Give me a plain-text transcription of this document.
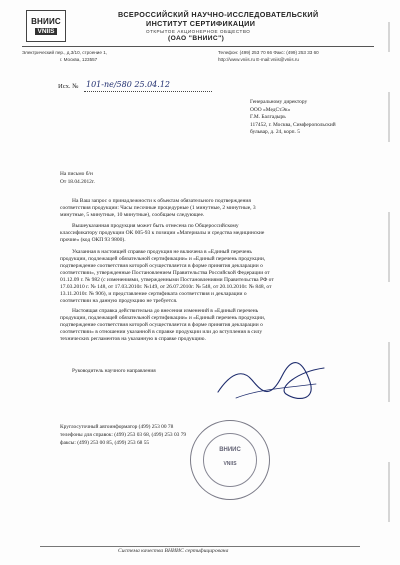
ВНИИС
VNIIS
ВСЕРОССИЙСКИЙ НАУЧНО-ИССЛЕДОВАТЕЛЬСКИЙ
ИНСТИТУТ СЕРТИФИКАЦИИ
ОТКРЫТОЕ АКЦИОНЕРНОЕ ОБЩЕСТВО
(ОАО "ВНИИС")
Электрический пер., д.3/10, строение 1,
г. Москва, 123557
Телефон: (499) 253 70 66 Факс: (499) 253 33 60
http://www.vniis.ru E-mail:vniis@vniis.ru
Исх. № 101-пе/580 25.04.12
Генеральному директору
ООО «МедСтЭк»
Г.М. Балгадырь
117452, г. Москва, Симферопольский
бульвар, д. 24, корп. 5
На письмо б/н
От 18.04.2012г.
На Ваш запрос о принадлежности к объектам обязательного подтверждения
соответствия продукции: Часы песочные процедурные (1 минутные, 2 минутные, 3
минутные, 5 минутные, 10 минутные), сообщаем следующее.
Вышеуказанная продукция может быть отнесена по Общероссийскому
классификатору продукции ОК 005-93 к позиции «Материалы и средства медицинские
прочие» (код ОКП 93 9800).
Указанная в настоящей справке продукция не включена в «Единый перечень
продукции, подлежащей обязательной сертификации» и «Единый перечень продукции,
подтверждение соответствия которой осуществляется в форме принятия декларации о
соответствии», утвержденные Постановлением Правительства Российской Федерации от
01.12.09 г. № 982 (с изменениями, утвержденными Постановлениями Правительства РФ от
17.03.2010 г. № 148, от 17.03.2010г. №149, от 26.07.2010г. № 548, от 20.10.2010г. № 848, от
13.11.2010г. № 906), и представление сертификата соответствия и декларации о
соответствии на данную продукцию не требуется.
Настоящая справка действительна до внесения изменений в «Единый перечень
продукции, подлежащей обязательной сертификации» и «Единый перечень продукции,
подтверждение соответствия которой осуществляется в форме принятия декларации о
соответствии» в отношении указанной в справке продукции или до вступления в силу
технических регламентов на указанную в справке продукцию.
Руководитель научного направления
ВНИИС
VNIIS
Круглосуточный автоинформатор (499) 253 00 78
телефоны для справок: (499) 253 03 68, (499) 253 03 79
факсы: (499) 253 00 85, (499) 253 68 55
Система качества ВНИИС сертифицирована
